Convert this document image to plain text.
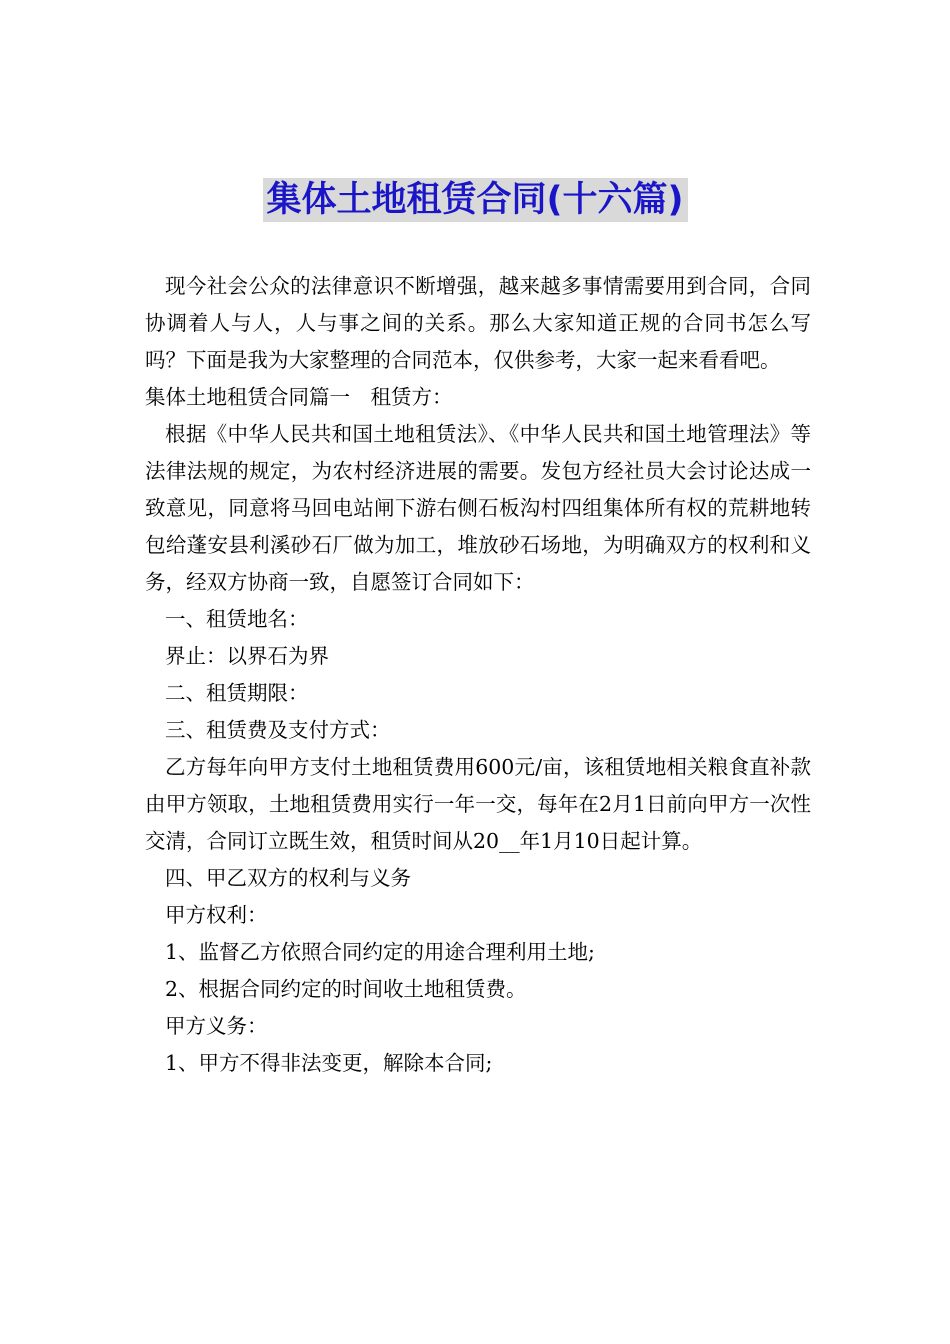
集体土地租赁合同(十六篇)

现今社会公众的法律意识不断增强，越来越多事情需要用到合同，合同协调着人与人，人与事之间的关系。那么大家知道正规的合同书怎么写吗？下面是我为大家整理的合同范本，仅供参考，大家一起来看看吧。

集体土地租赁合同篇一　租赁方：

根据《中华人民共和国土地租赁法》、《中华人民共和国土地管理法》等法律法规的规定，为农村经济进展的需要。发包方经社员大会讨论达成一致意见，同意将马回电站闸下游右侧石板沟村四组集体所有权的荒耕地转包给蓬安县利溪砂石厂做为加工，堆放砂石场地，为明确双方的权利和义务，经双方协商一致，自愿签订合同如下：

一、租赁地名：

界止：以界石为界

二、租赁期限：

三、租赁费及支付方式：

乙方每年向甲方支付土地租赁费用600元/亩，该租赁地相关粮食直补款由甲方领取，土地租赁费用实行一年一交，每年在2月1日前向甲方一次性交清，合同订立既生效，租赁时间从20__年1月10日起计算。

四、甲乙双方的权利与义务

甲方权利：

1、监督乙方依照合同约定的用途合理利用土地;

2、根据合同约定的时间收土地租赁费。

甲方义务：

1、甲方不得非法变更，解除本合同;
